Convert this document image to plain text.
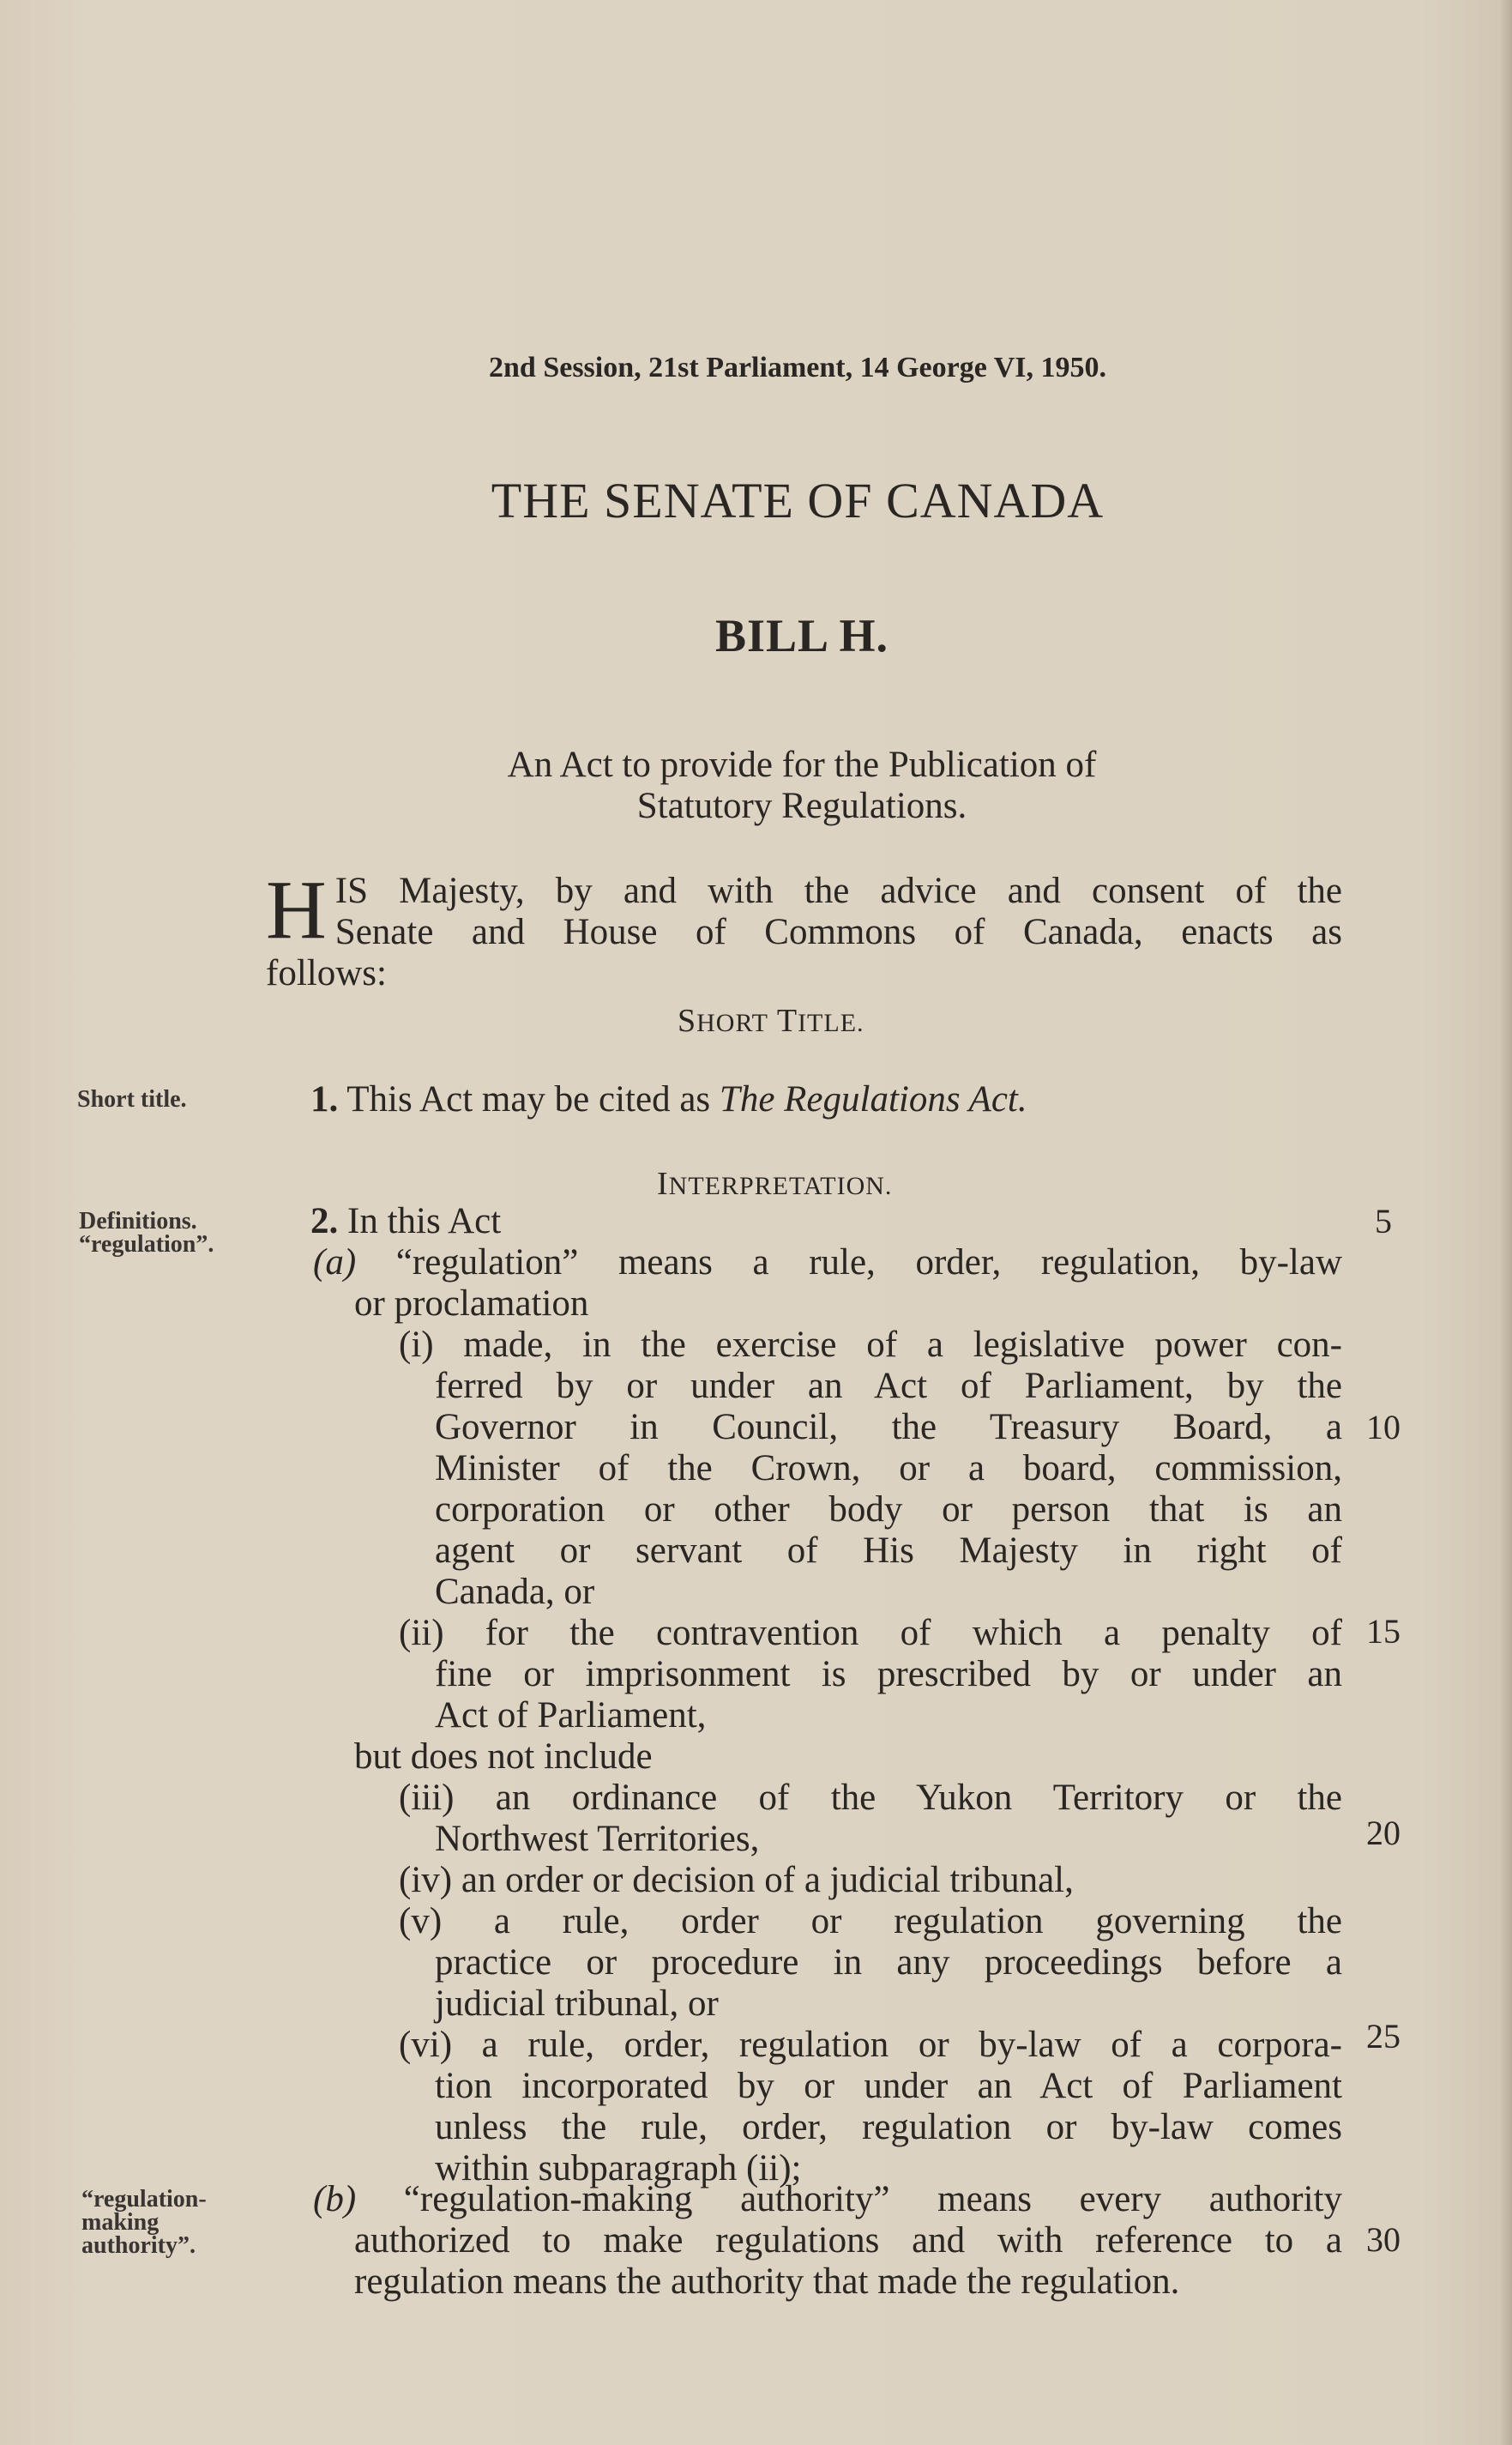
2nd Session, 21st Parliament, 14 George VI, 1950.
THE SENATE OF CANADA
BILL H.
An Act to provide for the Publication of
Statutory Regulations.
H IS Majesty, by and with the advice and consent of the
Senate and House of Commons of Canada, enacts as
follows:
SHORT TITLE.
Short title.	1. This Act may be cited as The Regulations Act.
INTERPRETATION.
Definitions.
“regulation”.
2. In this Act
(a) “regulation” means a rule, order, regulation, by-law
or proclamation
(i) made, in the exercise of a legislative power con-
ferred by or under an Act of Parliament, by the
Governor in Council, the Treasury Board, a
Minister of the Crown, or a board, commission,
corporation or other body or person that is an
agent or servant of His Majesty in right of
Canada, or
(ii) for the contravention of which a penalty of
fine or imprisonment is prescribed by or under an
Act of Parliament,
but does not include
(iii) an ordinance of the Yukon Territory or the
Northwest Territories,
(iv) an order or decision of a judicial tribunal,
(v) a rule, order or regulation governing the
practice or procedure in any proceedings before a
judicial tribunal, or
(vi) a rule, order, regulation or by-law of a corpora-
tion incorporated by or under an Act of Parliament
unless the rule, order, regulation or by-law comes
within subparagraph (ii);
“regulation-
making
authority”.
(b) “regulation-making authority” means every authority
authorized to make regulations and with reference to a
regulation means the authority that made the regulation.
5
10
15
20
25
30
